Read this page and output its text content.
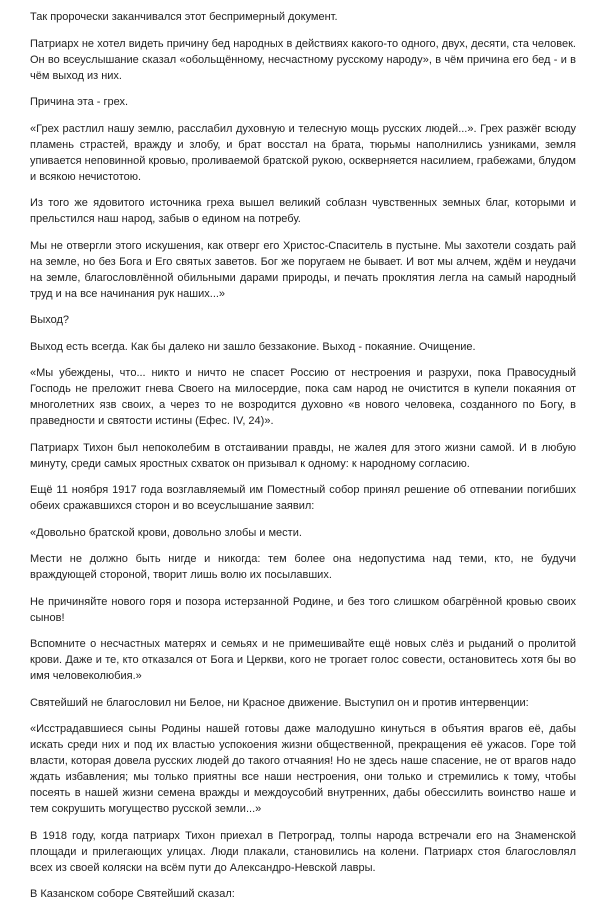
Так пророчески заканчивался этот беспримерный документ.

Патриарх не хотел видеть причину бед народных в действиях какого-то одного, двух, десяти, ста человек. Он во всеуслышание сказал «обольщённому, несчастному русскому народу», в чём причина его бед - и в чём выход из них.

Причина эта - грех.

«Грех растлил нашу землю, расслабил духовную и телесную мощь русских людей...». Грех разжёг всюду пламень страстей, вражду и злобу, и брат восстал на брата, тюрьмы наполнились узниками, земля упивается неповинной кровью, проливаемой братской рукою, оскверняется насилием, грабежами, блудом и всякою нечистотою.

Из того же ядовитого источника греха вышел великий соблазн чувственных земных благ, которыми и прельстился наш народ, забыв о едином на потребу.

Мы не отвергли этого искушения, как отверг его Христос-Спаситель в пустыне. Мы захотели создать рай на земле, но без Бога и Его святых заветов. Бог же поругаем не бывает. И вот мы алчем, ждём и неудачи на земле, благословлённой обильными дарами природы, и печать проклятия легла на самый народный труд и на все начинания рук наших...»

Выход?

Выход есть всегда. Как бы далеко ни зашло беззаконие. Выход - покаяние. Очищение.

«Мы убеждены, что... никто и ничто не спасет Россию от нестроения и разрухи, пока Правосудный Господь не преложит гнева Своего на милосердие, пока сам народ не очистится в купели покаяния от многолетних язв своих, а через то не возродится духовно «в нового человека, созданного по Богу, в праведности и святости истины (Ефес. IV, 24)».

Патриарх Тихон был непоколебим в отстаивании правды, не жалея для этого жизни самой. И в любую минуту, среди самых яростных схваток он призывал к одному: к народному согласию.

Ещё 11 ноября 1917 года возглавляемый им Поместный собор принял решение об отпевании погибших обеих сражавшихся сторон и во всеуслышание заявил:

«Довольно братской крови, довольно злобы и мести.

Мести не должно быть нигде и никогда: тем более она недопустима над теми, кто, не будучи враждующей стороной, творит лишь волю их посылавших.

Не причиняйте нового горя и позора истерзанной Родине, и без того слишком обагрённой кровью своих сынов!

Вспомните о несчастных матерях и семьях и не примешивайте ещё новых слёз и рыданий о пролитой крови. Даже и те, кто отказался от Бога и Церкви, кого не трогает голос совести, остановитесь хотя бы во имя человеколюбия.»

Святейший не благословил ни Белое, ни Красное движение. Выступил он и против интервенции:

«Исстрадавшиеся сыны Родины нашей готовы даже малодушно кинуться в объятия врагов её, дабы искать среди них и под их властью успокоения жизни общественной, прекращения её ужасов. Горе той власти, которая довела русских людей до такого отчаяния! Но не здесь наше спасение, не от врагов надо ждать избавления; мы только приятны все наши нестроения, они только и стремились к тому, чтобы посеять в нашей жизни семена вражды и междоусобий внутренних, дабы обессилить воинство наше и тем сокрушить могущество русской земли...»

В 1918 году, когда патриарх Тихон приехал в Петроград, толпы народа встречали его на Знаменской площади и прилегающих улицах. Люди плакали, становились на колени. Патриарх стоя благословлял всех из своей коляски на всём пути до Александро-Невской лавры.

В Казанском соборе Святейший сказал:
